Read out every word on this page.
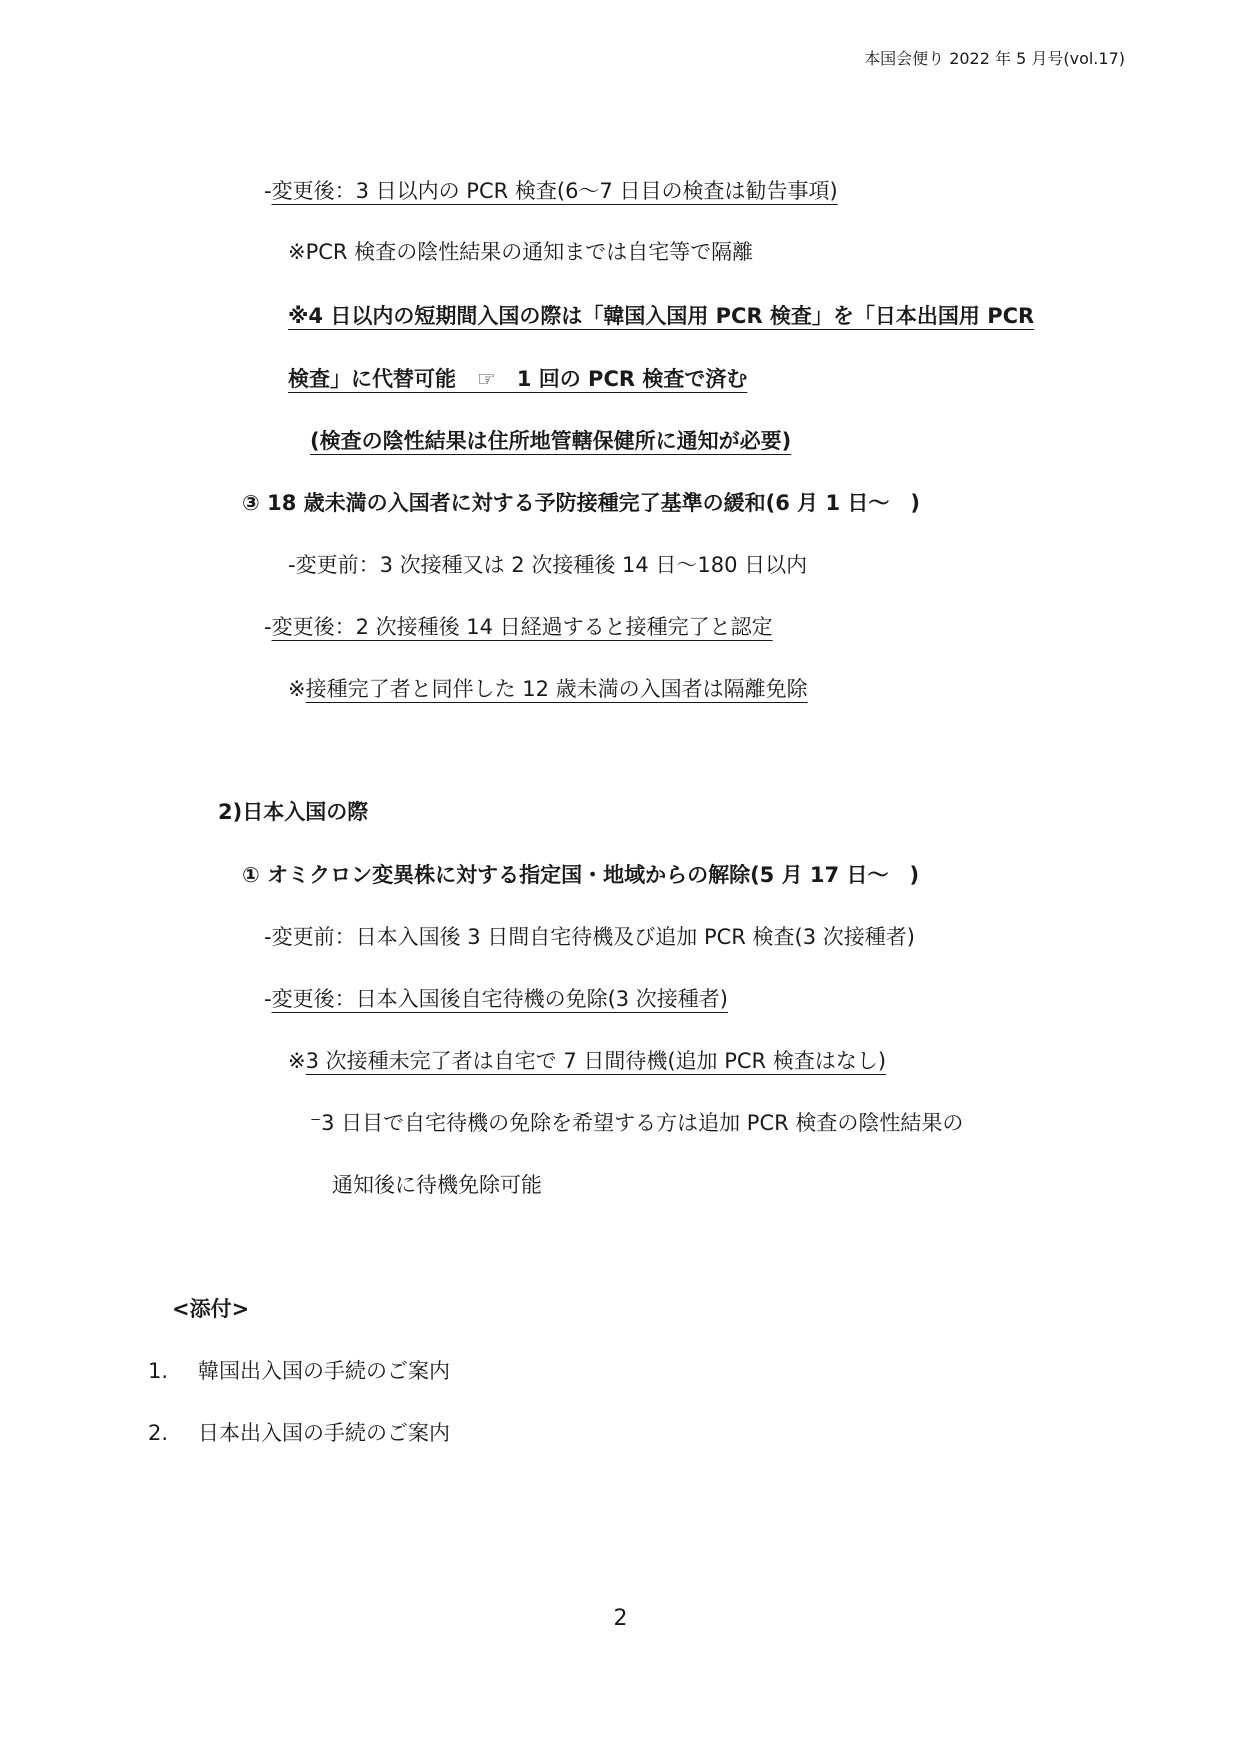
本国会便り 2022 年 5 月号(vol.17)
-変更後：3 日以内の PCR 検査(6～7 日目の検査は勧告事項)
※PCR 検査の陰性結果の通知までは自宅等で隔離
※4 日以内の短期間入国の際は「韓国入国用 PCR 検査」を「日本出国用 PCR
検査」に代替可能　☞　1 回の PCR 検査で済む
(検査の陰性結果は住所地管轄保健所に通知が必要)
③ 18 歳未満の入国者に対する予防接種完了基準の緩和(6 月 1 日～　)
-変更前：3 次接種又は 2 次接種後 14 日～180 日以内
-変更後：2 次接種後 14 日経過すると接種完了と認定
※接種完了者と同伴した 12 歳未満の入国者は隔離免除
2)日本入国の際
① オミクロン変異株に対する指定国・地域からの解除(5 月 17 日～　)
-変更前：日本入国後 3 日間自宅待機及び追加 PCR 検査(3 次接種者)
-変更後：日本入国後自宅待機の免除(3 次接種者)
※3 次接種未完了者は自宅で 7 日間待機(追加 PCR 検査はなし)
⁻3 日目で自宅待機の免除を希望する方は追加 PCR 検査の陰性結果の
通知後に待機免除可能
<添付>
1. 韓国出入国の手続のご案内
2. 日本出入国の手続のご案内
2
